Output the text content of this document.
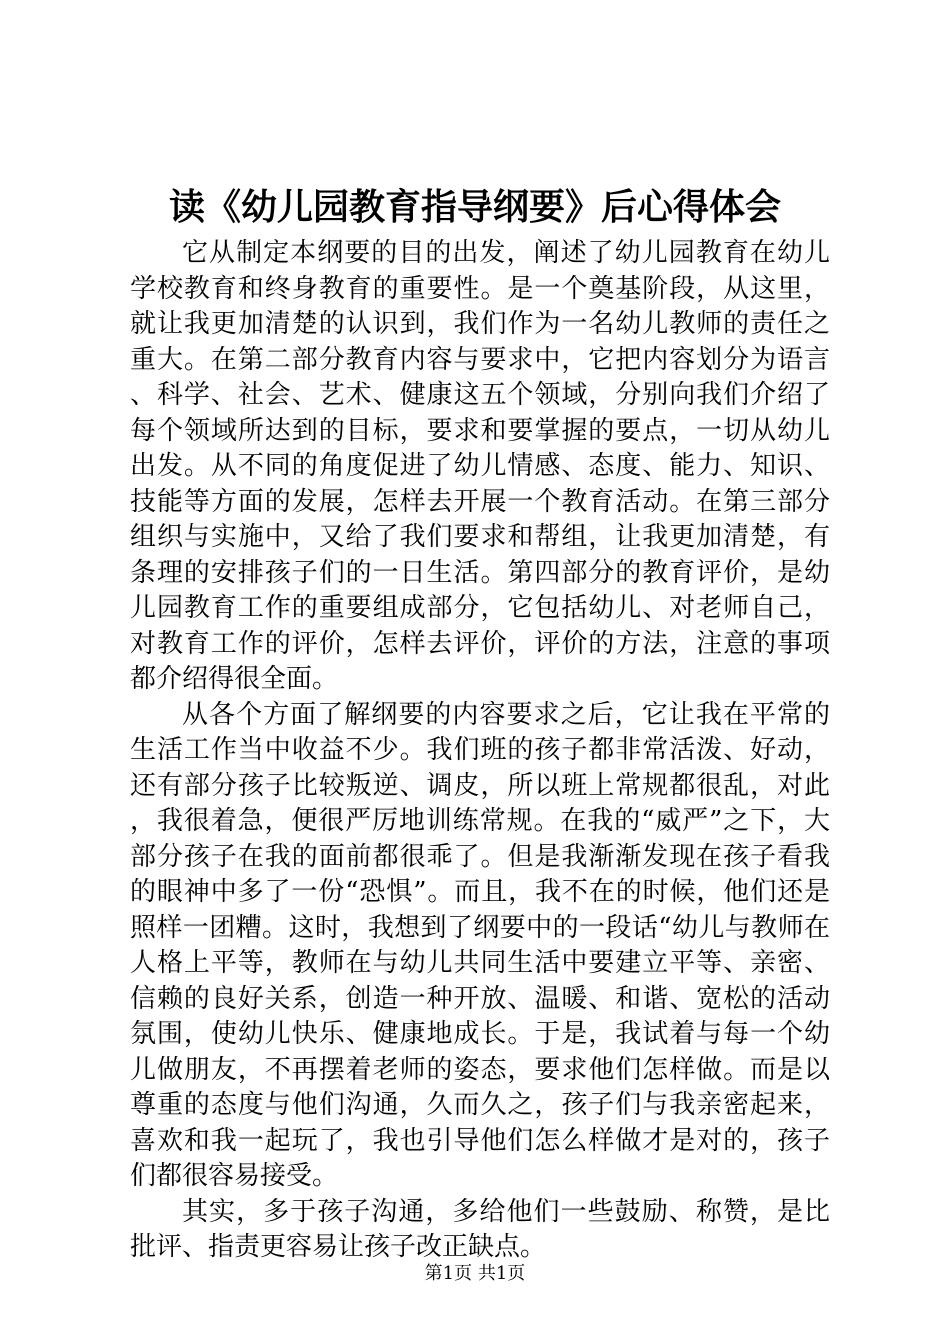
读《幼儿园教育指导纲要》后心得体会

它从制定本纲要的目的出发，阐述了幼儿园教育在幼儿学校教育和终身教育的重要性。是一个奠基阶段，从这里，就让我更加清楚的认识到，我们作为一名幼儿教师的责任之重大。在第二部分教育内容与要求中，它把内容划分为语言、科学、社会、艺术、健康这五个领域，分别向我们介绍了每个领域所达到的目标，要求和要掌握的要点，一切从幼儿出发。从不同的角度促进了幼儿情感、态度、能力、知识、技能等方面的发展，怎样去开展一个教育活动。在第三部分组织与实施中，又给了我们要求和帮组，让我更加清楚，有条理的安排孩子们的一日生活。第四部分的教育评价，是幼儿园教育工作的重要组成部分，它包括幼儿、对老师自己，对教育工作的评价，怎样去评价，评价的方法，注意的事项都介绍得很全面。

从各个方面了解纲要的内容要求之后，它让我在平常的生活工作当中收益不少。我们班的孩子都非常活泼、好动，还有部分孩子比较叛逆、调皮，所以班上常规都很乱，对此，我很着急，便很严厉地训练常规。在我的“威严”之下，大部分孩子在我的面前都很乖了。但是我渐渐发现在孩子看我的眼神中多了一份“恐惧”。而且，我不在的时候，他们还是照样一团糟。这时，我想到了纲要中的一段话“幼儿与教师在人格上平等，教师在与幼儿共同生活中要建立平等、亲密、信赖的良好关系，创造一种开放、温暖、和谐、宽松的活动氛围，使幼儿快乐、健康地成长。于是，我试着与每一个幼儿做朋友，不再摆着老师的姿态，要求他们怎样做。而是以尊重的态度与他们沟通，久而久之，孩子们与我亲密起来，喜欢和我一起玩了，我也引导他们怎么样做才是对的，孩子们都很容易接受。

其实，多于孩子沟通，多给他们一些鼓励、称赞，是比批评、指责更容易让孩子改正缺点。

第1页 共1页
